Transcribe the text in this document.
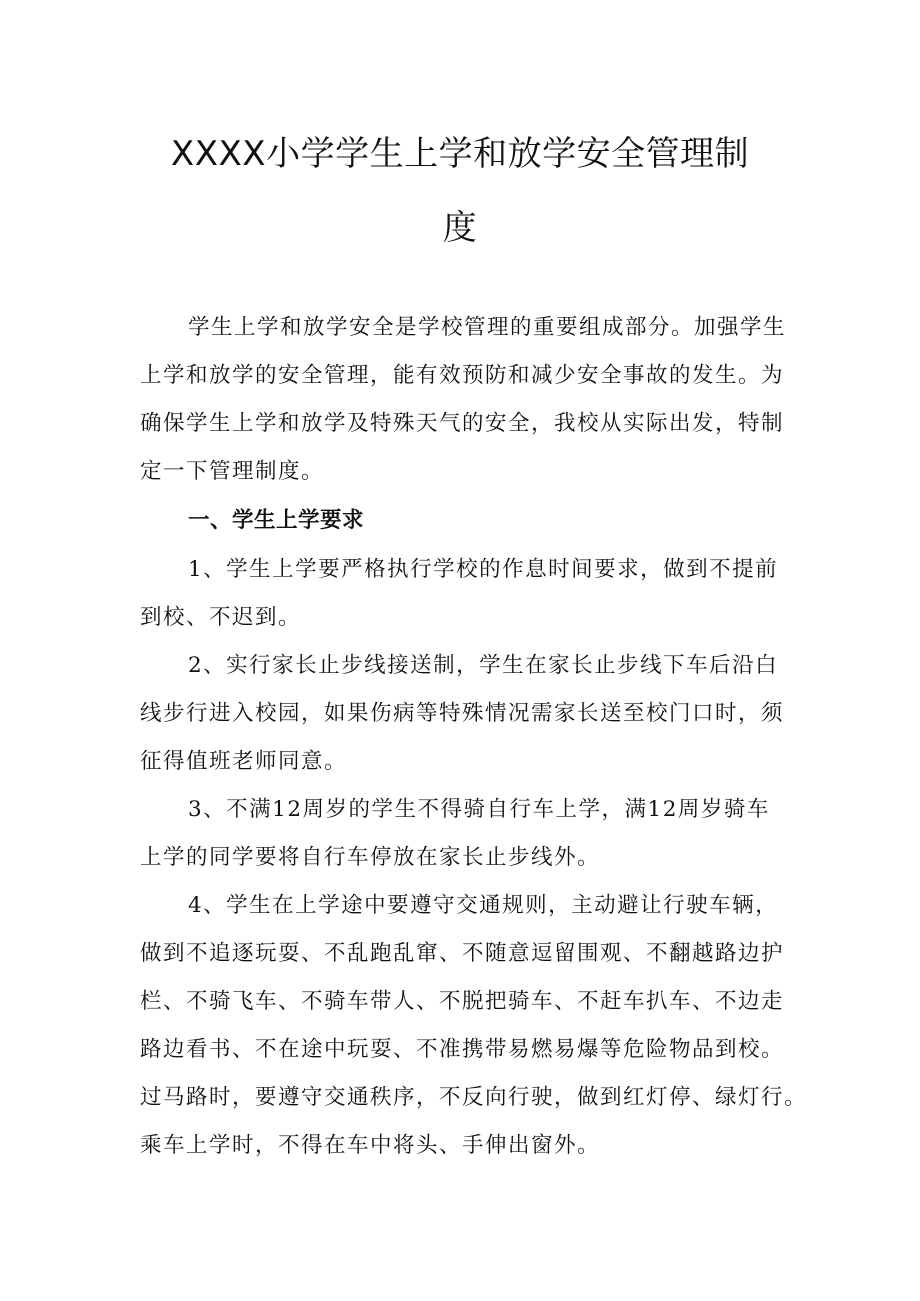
XXXX小学学生上学和放学安全管理制
度

学生上学和放学安全是学校管理的重要组成部分。加强学生

上学和放学的安全管理，能有效预防和减少安全事故的发生。为

确保学生上学和放学及特殊天气的安全，我校从实际出发，特制

定一下管理制度。

一、学生上学要求

1、学生上学要严格执行学校的作息时间要求，做到不提前

到校、不迟到。

2、实行家长止步线接送制，学生在家长止步线下车后沿白

线步行进入校园，如果伤病等特殊情况需家长送至校门口时，须

征得值班老师同意。

3、不满12周岁的学生不得骑自行车上学，满12周岁骑车

上学的同学要将自行车停放在家长止步线外。

4、学生在上学途中要遵守交通规则，主动避让行驶车辆，

做到不追逐玩耍、不乱跑乱窜、不随意逗留围观、不翻越路边护

栏、不骑飞车、不骑车带人、不脱把骑车、不赶车扒车、不边走

路边看书、不在途中玩耍、不准携带易燃易爆等危险物品到校。

过马路时，要遵守交通秩序，不反向行驶，做到红灯停、绿灯行。

乘车上学时，不得在车中将头、手伸出窗外。
